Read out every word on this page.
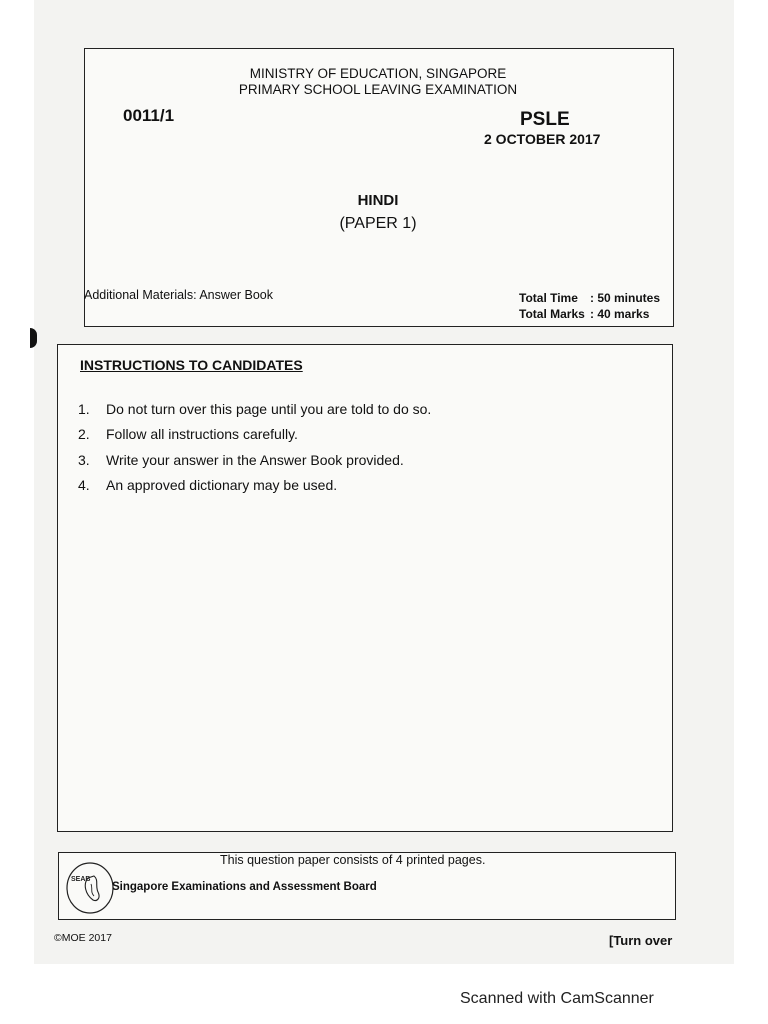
MINISTRY OF EDUCATION, SINGAPORE
PRIMARY SCHOOL LEAVING EXAMINATION
0011/1	PSLE
2 OCTOBER 2017
HINDI
(PAPER 1)
Additional Materials: Answer Book	Total Time : 50 minutes
Total Marks : 40 marks
INSTRUCTIONS TO CANDIDATES
1. Do not turn over this page until you are told to do so.
2. Follow all instructions carefully.
3. Write your answer in the Answer Book provided.
4. An approved dictionary may be used.
This question paper consists of 4 printed pages.
SEAB
Singapore Examinations and Assessment Board
©MOE 2017	[Turn over
Scanned with CamScanner
